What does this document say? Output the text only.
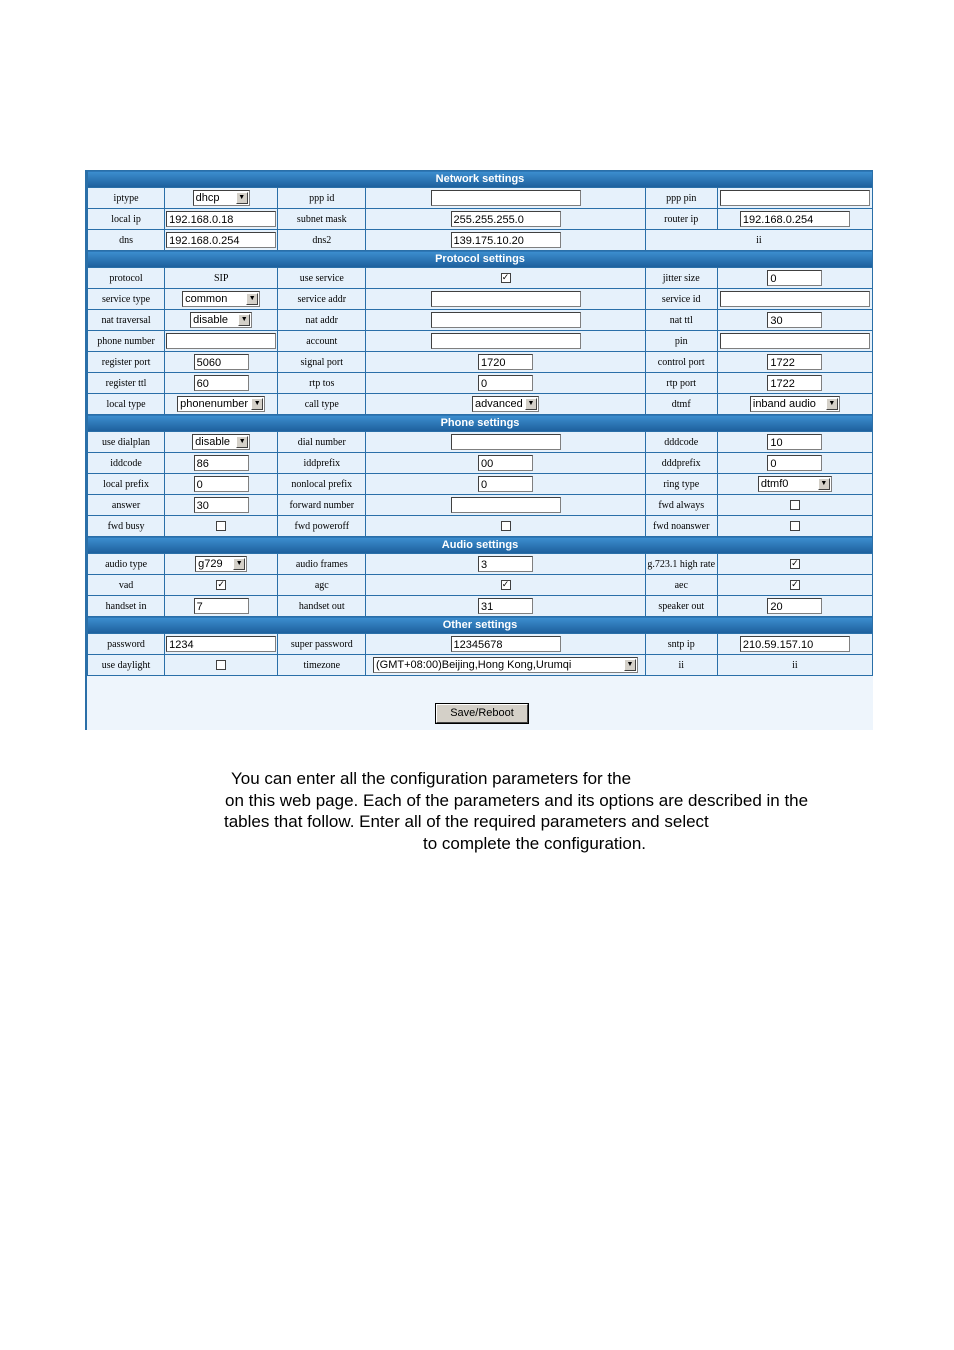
Network settings					
iptype	dhcp ▼	ppp id		ppp pin	
local ip	192.168.0.18	subnet mask	255.255.255.0	router ip	192.168.0.254
dns	192.168.0.254	dns2	139.175.10.20	ii	
Protocol settings					
protocol	SIP	use service	✓	jitter size	0
service type	common ▼	service addr		service id	
nat traversal	disable ▼	nat addr		nat ttl	30
phone number		account		pin	
register port	5060	signal port	1720	control port	1722
register ttl	60	rtp tos	0	rtp port	1722
local type	phonenumber ▼	call type	advanced ▼	dtmf	inband audio ▼

Phone settings					
use dialplan	disable ▼	dial number		dddcode	10
iddcode	86	iddprefix	00	dddprefix	0
local prefix	0	nonlocal prefix	0	ring type	dtmf0 ▼

answer	30	forward number		fwd always	
fwd busy		fwd poweroff		fwd noanswer	
Audio settings					
audio type	g729 ▼	audio frames	3	g.723.1 high rate	✓
vad	✓	agc	✓	aec	✓
handset in	7	handset out	31	speaker out	20
Other settings					
password	1234	super password	12345678	sntp ip	210.59.157.10
use daylight		timezone	(GMT+08:00)Beijing,Hong Kong,Urumqi ▼	ii	ii
Save/Reboot
You can enter all the configuration parameters for the
on this web page. Each of the parameters and its options are described in the
tables that follow. Enter all of the required parameters and select
to complete the configuration.
